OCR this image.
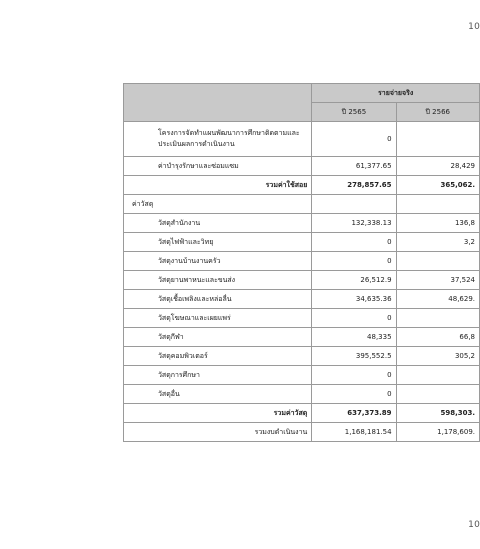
10
	รายจ่ายจริง	
	ปี 2565	ปี 2566
โครงการจัดทำแผนพัฒนาการศึกษาติดตามและประเมินผลการดำเนินงาน	0	
ค่าบำรุงรักษาและซ่อมแซม	61,377.65	28,429
รวมค่าใช้สอย	278,857.65	365,062.
ค่าวัสดุ		
วัสดุสำนักงาน	132,338.13	136,8
วัสดุไฟฟ้าและวิทยุ	0	3,2
วัสดุงานบ้านงานครัว	0	
วัสดุยานพาหนะและขนส่ง	26,512.9	37,524
วัสดุเชื้อเพลิงและหล่อลื่น	34,635.36	48,629.
วัสดุโฆษณาและเผยแพร่	0	
วัสดุกีฬา	48,335	66,8
วัสดุคอมพิวเตอร์	395,552.5	305,2
วัสดุการศึกษา	0	
วัสดุอื่น	0	
รวมค่าวัสดุ	637,373.89	598,303.
รวมงบดำเนินงาน	1,168,181.54	1,178,609.
10
